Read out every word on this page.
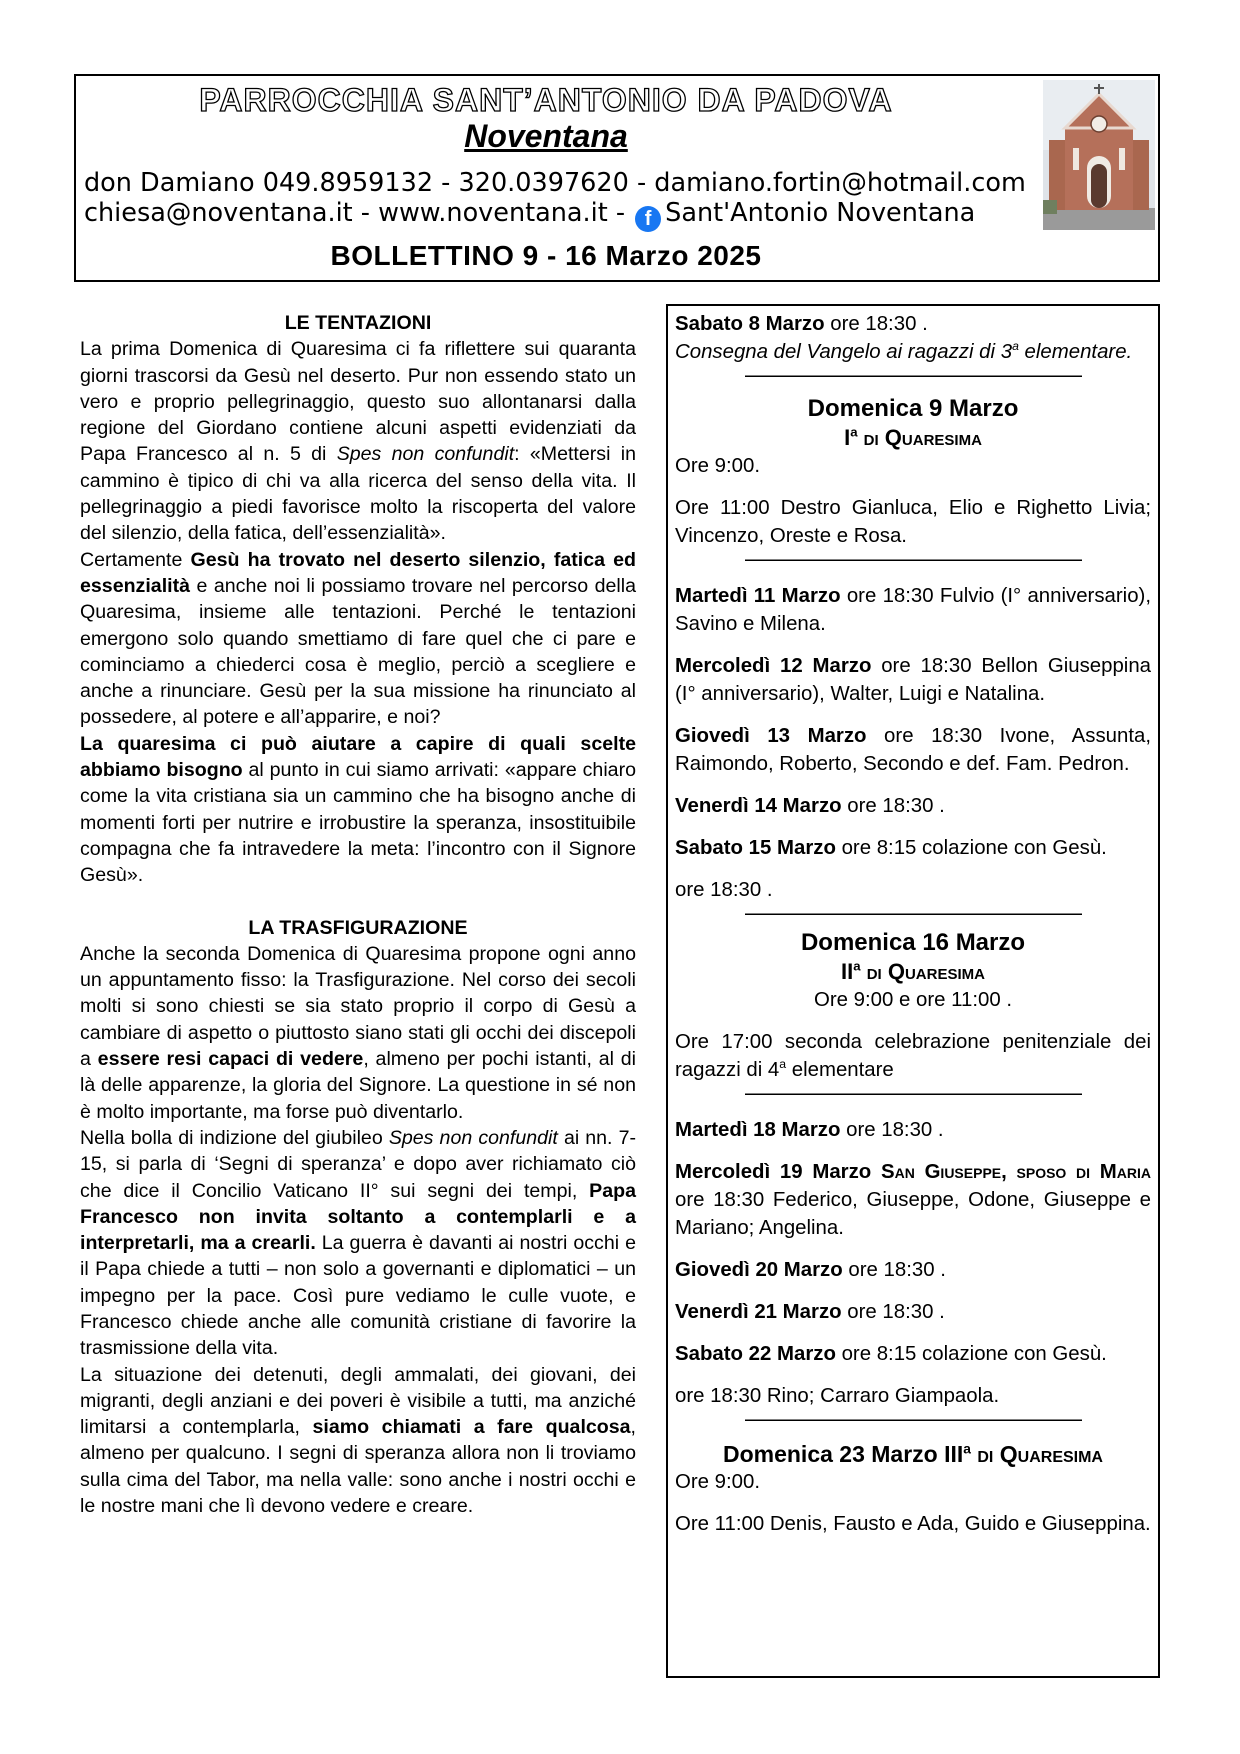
PARROCCHIA SANT’ANTONIO DA PADOVA
Noventana
don Damiano 049.8959132 - 320.0397620 - damiano.fortin@hotmail.com
chiesa@noventana.it - www.noventana.it - f Sant'Antonio Noventana
BOLLETTINO 9 - 16 Marzo 2025
LE TENTAZIONI

La prima Domenica di Quaresima ci fa riflettere sui quaranta giorni trascorsi da Gesù nel deserto. Pur non essendo stato un vero e proprio pellegrinaggio, questo suo allontanarsi dalla regione del Giordano contiene alcuni aspetti evidenziati da Papa Francesco al n. 5 di Spes non confundit: «Mettersi in cammino è tipico di chi va alla ricerca del senso della vita. Il pellegrinaggio a piedi favorisce molto la riscoperta del valore del silenzio, della fatica, dell’essenzialità».

Certamente Gesù ha trovato nel deserto silenzio, fatica ed essenzialità e anche noi li possiamo trovare nel percorso della Quaresima, insieme alle tentazioni. Perché le tentazioni emergono solo quando smettiamo di fare quel che ci pare e cominciamo a chiederci cosa è meglio, perciò a scegliere e anche a rinunciare. Gesù per la sua missione ha rinunciato al possedere, al potere e all’apparire, e noi?

La quaresima ci può aiutare a capire di quali scelte abbiamo bisogno al punto in cui siamo arrivati: «appare chiaro come la vita cristiana sia un cammino che ha bisogno anche di momenti forti per nutrire e irrobustire la speranza, insostituibile compagna che fa intravedere la meta: l’incontro con il Signore Gesù».

LA TRASFIGURAZIONE

Anche la seconda Domenica di Quaresima propone ogni anno un appuntamento fisso: la Trasfigurazione. Nel corso dei secoli molti si sono chiesti se sia stato proprio il corpo di Gesù a cambiare di aspetto o piuttosto siano stati gli occhi dei discepoli a essere resi capaci di vedere, almeno per pochi istanti, al di là delle apparenze, la gloria del Signore. La questione in sé non è molto importante, ma forse può diventarlo.

Nella bolla di indizione del giubileo Spes non confundit ai nn. 7-15, si parla di ‘Segni di speranza’ e dopo aver richiamato ciò che dice il Concilio Vaticano II° sui segni dei tempi, Papa Francesco non invita soltanto a contemplarli e a interpretarli, ma a crearli. La guerra è davanti ai nostri occhi e il Papa chiede a tutti – non solo a governanti e diplomatici – un impegno per la pace. Così pure vediamo le culle vuote, e Francesco chiede anche alle comunità cristiane di favorire la trasmissione della vita.

La situazione dei detenuti, degli ammalati, dei giovani, dei migranti, degli anziani e dei poveri è visibile a tutti, ma anziché limitarsi a contemplarla, siamo chiamati a fare qualcosa, almeno per qualcuno. I segni di speranza allora non li troviamo sulla cima del Tabor, ma nella valle: sono anche i nostri occhi e le nostre mani che lì devono vedere e creare.

Sabato 8 Marzo ore 18:30 .

Consegna del Vangelo ai ragazzi di 3$^a$ elementare.

————————————————

Domenica 9 Marzo

$I^a$ di Quaresima

Ore 9:00.

Ore 11:00 Destro Gianluca, Elio e Righetto Livia; Vincenzo, Oreste e Rosa.

————————————————

Martedì 11 Marzo ore 18:30 Fulvio (I° anniversario), Savino e Milena.

Mercoledì 12 Marzo ore 18:30 Bellon Giuseppina (I° anniversario), Walter, Luigi e Natalina.

Giovedì 13 Marzo ore 18:30 Ivone, Assunta, Raimondo, Roberto, Secondo e def. Fam. Pedron.

Venerdì 14 Marzo ore 18:30 .

Sabato 15 Marzo ore 8:15 colazione con Gesù.

ore 18:30 .

————————————————

Domenica 16 Marzo

$II^a$ di Quaresima

Ore 9:00 e ore 11:00 .

Ore 17:00 seconda celebrazione penitenziale dei ragazzi di 4$^a$ elementare

————————————————

Martedì 18 Marzo ore 18:30 .

Mercoledì 19 Marzo San Giuseppe, sposo di Maria ore 18:30 Federico, Giuseppe, Odone, Giuseppe e Mariano; Angelina.

Giovedì 20 Marzo ore 18:30 .

Venerdì 21 Marzo ore 18:30 .

Sabato 22 Marzo ore 8:15 colazione con Gesù.

ore 18:30 Rino; Carraro Giampaola.

————————————————

Domenica 23 Marzo III$^a$ di Quaresima

Ore 9:00.

Ore 11:00 Denis, Fausto e Ada, Guido e Giuseppina.
